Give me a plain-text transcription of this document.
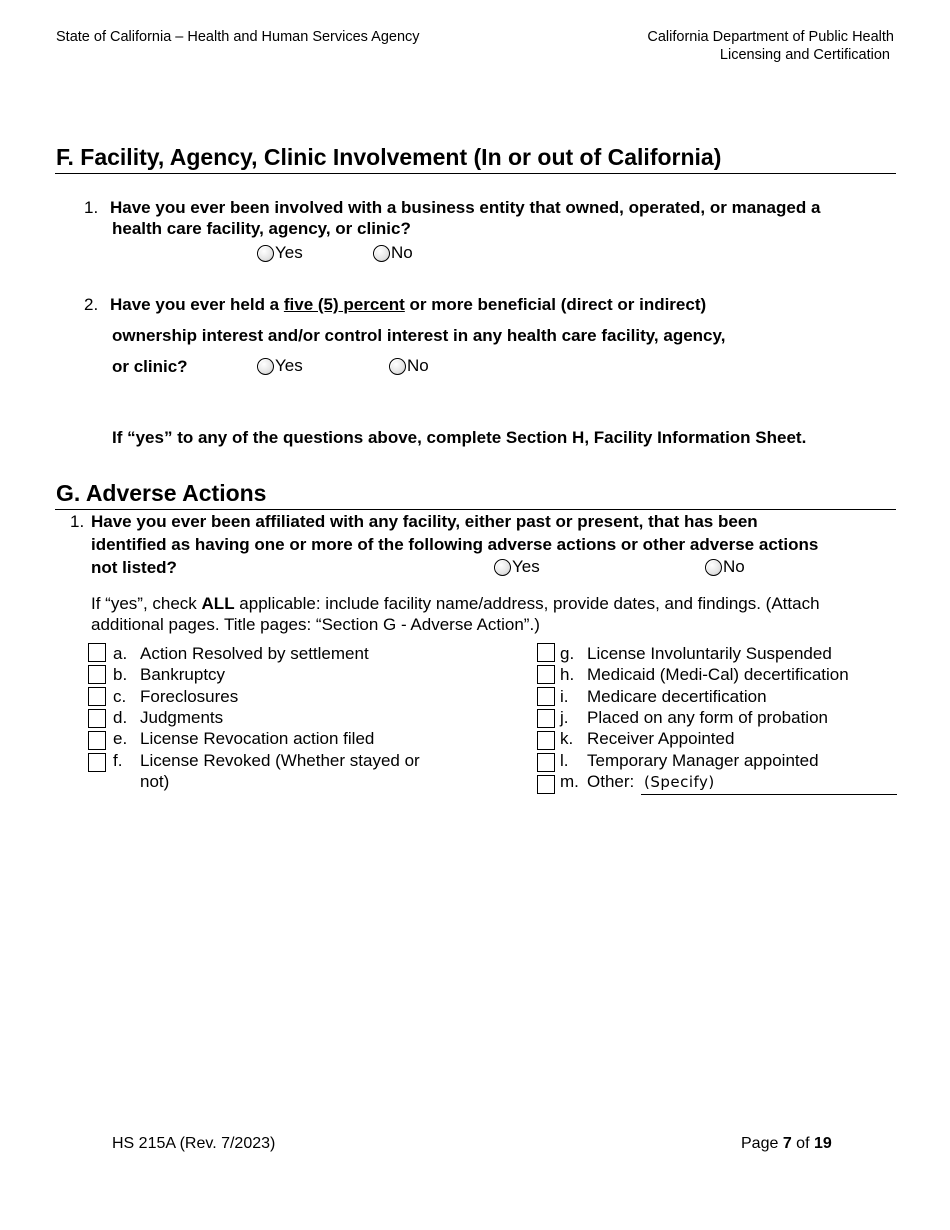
State of California – Health and Human Services Agency	California Department of Public Health
Licensing and Certification
F. Facility, Agency, Clinic Involvement (In or out of California)
1. Have you ever been involved with a business entity that owned, operated, or managed a
health care facility, agency, or clinic?
Yes	No
2. Have you ever held a five (5) percent or more beneficial (direct or indirect)
ownership interest and/or control interest in any health care facility, agency,
or clinic?	Yes	No
If “yes” to any of the questions above, complete Section H, Facility Information Sheet.
G. Adverse Actions
1. Have you ever been affiliated with any facility, either past or present, that has been
identified as having one or more of the following adverse actions or other adverse actions
not listed?	Yes	No
If “yes”, check ALL applicable: include facility name/address, provide dates, and findings. (Attach
additional pages. Title pages: “Section G - Adverse Action”.)
a. Action Resolved by settlement
b. Bankruptcy
c. Foreclosures
d. Judgments
e. License Revocation action filed
f. License Revoked (Whether stayed or
not)
g. License Involuntarily Suspended
h. Medicaid (Medi-Cal) decertification
i. Medicare decertification
j. Placed on any form of probation
k. Receiver Appointed
l. Temporary Manager appointed
m. Other: (Specify)
HS 215A (Rev. 7/2023)	Page 7 of 19
